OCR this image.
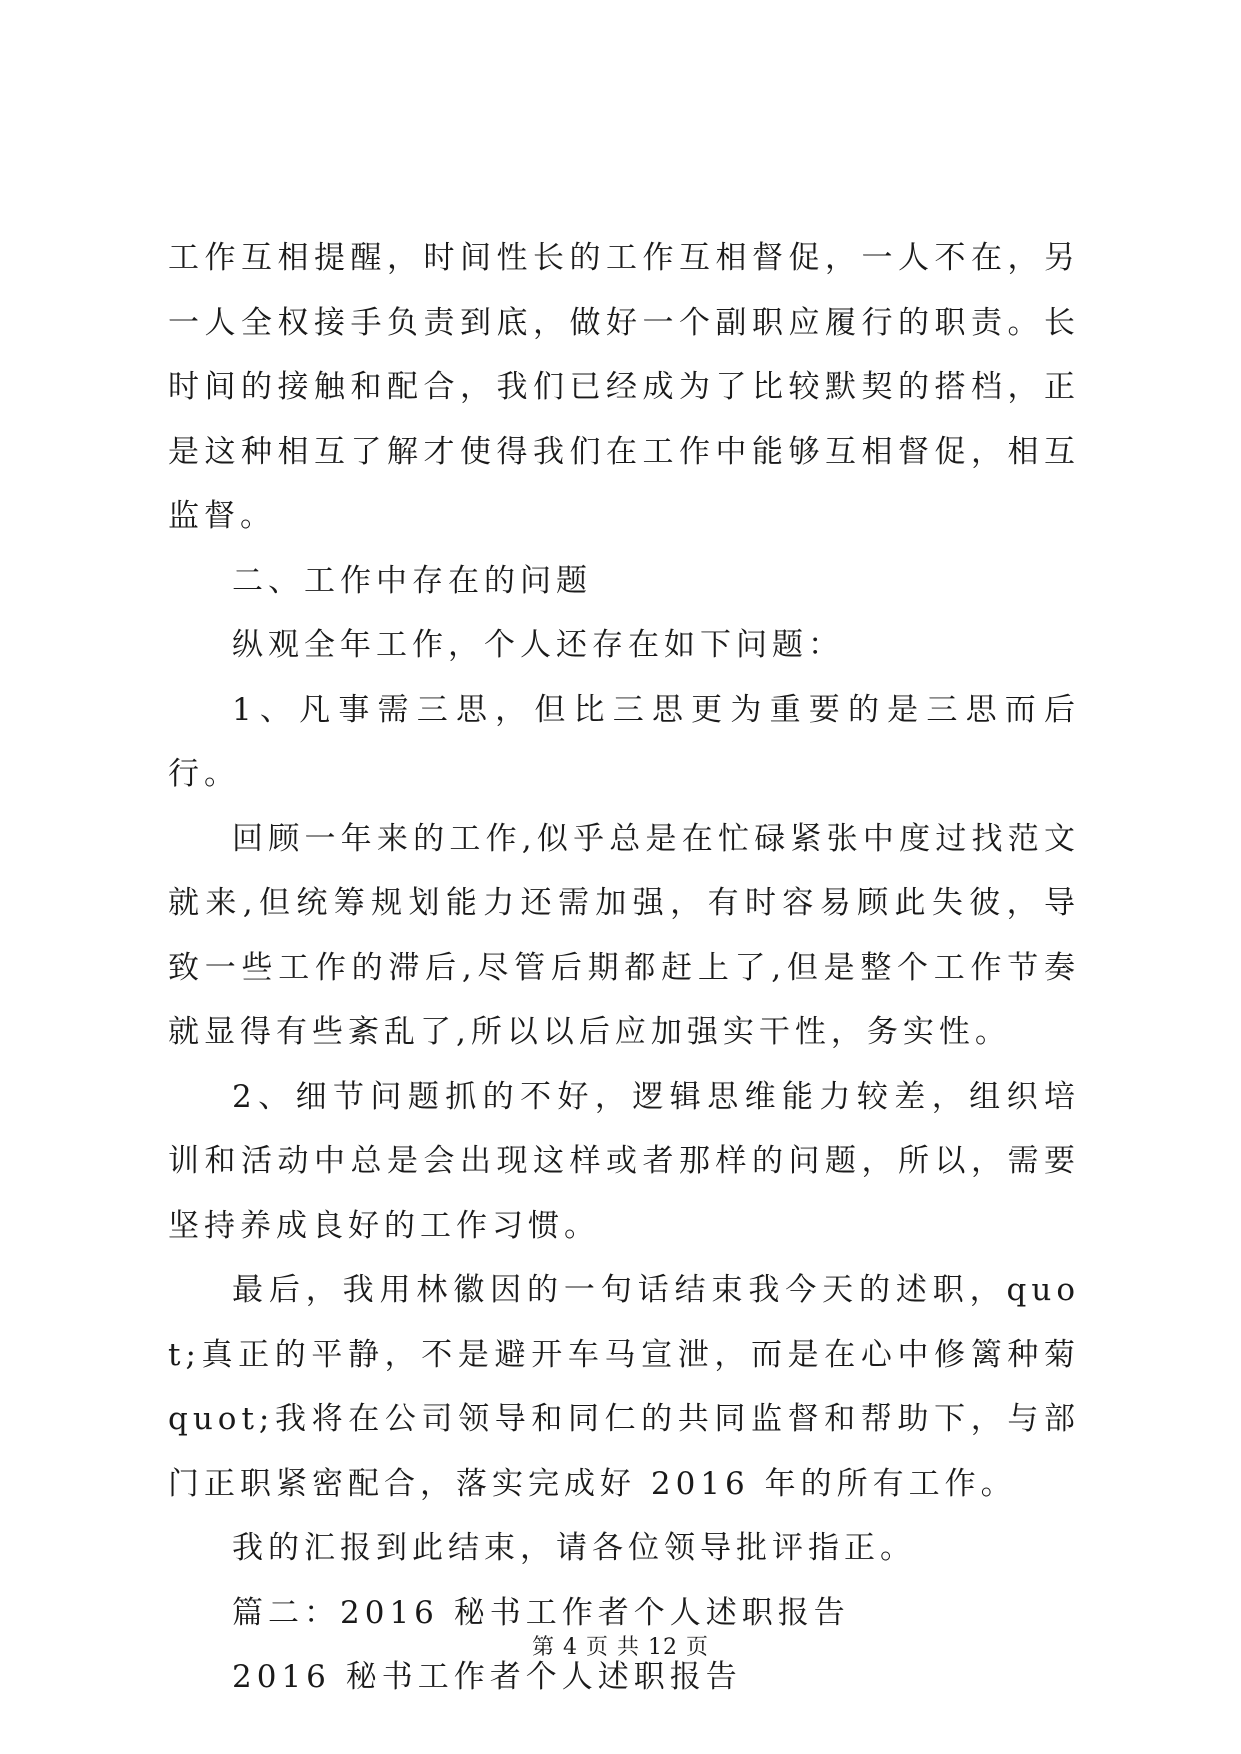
工作互相提醒，时间性长的工作互相督促，一人不在，另一人全权接手负责到底，做好一个副职应履行的职责。长时间的接触和配合，我们已经成为了比较默契的搭档，正是这种相互了解才使得我们在工作中能够互相督促，相互监督。

二、工作中存在的问题

纵观全年工作，个人还存在如下问题：

1、凡事需三思，但比三思更为重要的是三思而后行。

回顾一年来的工作,似乎总是在忙碌紧张中度过找范文就来,但统筹规划能力还需加强，有时容易顾此失彼，导致一些工作的滞后,尽管后期都赶上了,但是整个工作节奏就显得有些紊乱了,所以以后应加强实干性，务实性。

2、细节问题抓的不好，逻辑思维能力较差，组织培训和活动中总是会出现这样或者那样的问题，所以，需要坚持养成良好的工作习惯。

最后，我用林徽因的一句话结束我今天的述职，quot;真正的平静，不是避开车马宣泄，而是在心中修篱种菊quot;我将在公司领导和同仁的共同监督和帮助下，与部门正职紧密配合，落实完成好 2016 年的所有工作。

我的汇报到此结束，请各位领导批评指正。

篇二：2016 秘书工作者个人述职报告

2016 秘书工作者个人述职报告

第 4 页 共 12 页
